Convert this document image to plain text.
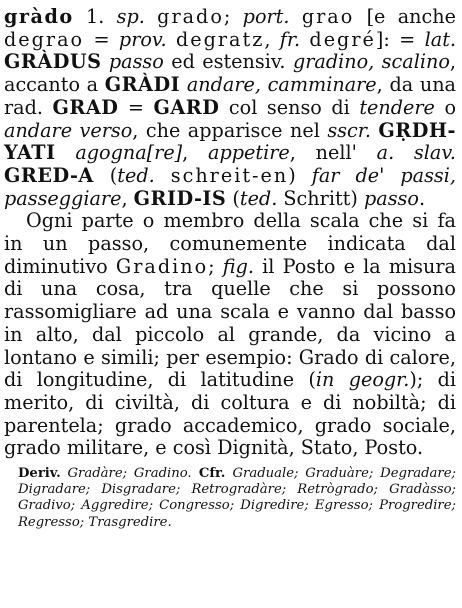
gràdo 1. sp. grado; port. grao [e anche degrao = prov. degratz, fr. degré]: = lat. GRÀDUS passo ed estensiv. gradino, scalino, accanto a GRÀDI andare, camminare, da una rad. GRAD = GARD col senso di tendere o andare verso, che apparisce nel sscr. GṚDH-YATI agogna[re], appetire, nell' a. slav. GRED-A (ted. schreit-en) far de' passi, passeggiare, GRID-IS (ted. Schritt) passo.

Ogni parte o membro della scala che si fa in un passo, comunemente indicata dal diminutivo Gradino; fig. il Posto e la misura di una cosa, tra quelle che si possono rassomigliare ad una scala e vanno dal basso in alto, dal piccolo al grande, da vicino a lontano e simili; per esempio: Grado di calore, di longitudine, di latitudine (in geogr.); di merito, di civiltà, di coltura e di nobiltà; di parentela; grado accademico, grado sociale, grado militare, e così Dignità, Stato, Posto.

Deriv. Gradàre; Gradino. Cfr. Graduale; Graduàre; Degradare; Digradare; Disgradare; Retrogradàre; Retrògrado; Gradàsso; Gradivo; Aggredire; Congresso; Digredire; Egresso; Progredire; Regresso; Trasgredire.
